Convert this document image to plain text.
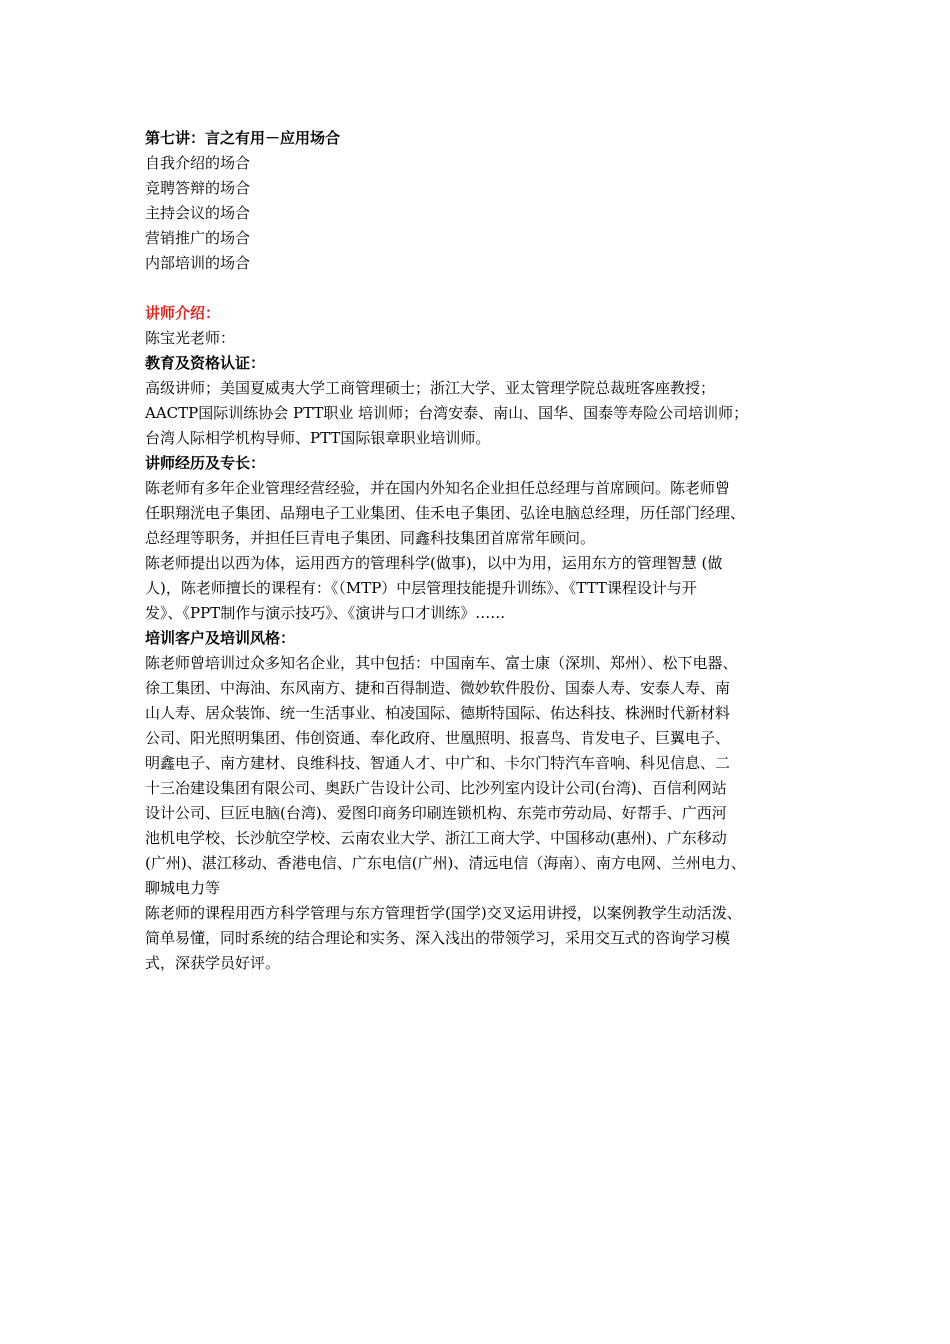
第七讲：言之有用－应用场合
自我介绍的场合
竞聘答辩的场合
主持会议的场合
营销推广的场合
内部培训的场合
讲师介绍：
陈宝光老师：
教育及资格认证：
高级讲师；美国夏威夷大学工商管理硕士；浙江大学、亚太管理学院总裁班客座教授；
AACTP国际训练协会 PTT职业 培训师；台湾安泰、南山、国华、国泰等寿险公司培训师；
台湾人际相学机构导师、PTT国际银章职业培训师。
讲师经历及专长：
陈老师有多年企业管理经营经验，并在国内外知名企业担任总经理与首席顾问。陈老师曾
任职翔洸电子集团、品翔电子工业集团、佳禾电子集团、弘诠电脑总经理，历任部门经理、
总经理等职务，并担任巨青电子集团、同鑫科技集团首席常年顾问。
陈老师提出以西为体，运用西方的管理科学(做事)，以中为用，运用东方的管理智慧 (做
人)，陈老师擅长的课程有：《（MTP）中层管理技能提升训练》、《TTT课程设计与开
发》、《PPT制作与演示技巧》、《演讲与口才训练》……
培训客户及培训风格：
陈老师曾培训过众多知名企业，其中包括：中国南车、富士康（深圳、郑州）、松下电器、
徐工集团、中海油、东风南方、捷和百得制造、微妙软件股份、国泰人寿、安泰人寿、南
山人寿、居众装饰、统一生活事业、柏凌国际、德斯特国际、佑达科技、株洲时代新材料
公司、阳光照明集团、伟创资通、奉化政府、世凰照明、报喜鸟、肯发电子、巨翼电子、
明鑫电子、南方建材、良维科技、智通人才、中广和、卡尔门特汽车音响、科见信息、二
十三冶建设集团有限公司、奥跃广告设计公司、比沙列室内设计公司(台湾)、百信利网站
设计公司、巨匠电脑(台湾)、爱图印商务印刷连锁机构、东莞市劳动局、好帮手、广西河
池机电学校、长沙航空学校、云南农业大学、浙江工商大学、中国移动(惠州)、广东移动
(广州)、湛江移动、香港电信、广东电信(广州)、清远电信（海南）、南方电网、兰州电力、
聊城电力等
陈老师的课程用西方科学管理与东方管理哲学(国学)交叉运用讲授，以案例教学生动活泼、
简单易懂，同时系统的结合理论和实务、深入浅出的带领学习，采用交互式的咨询学习模
式，深获学员好评。
